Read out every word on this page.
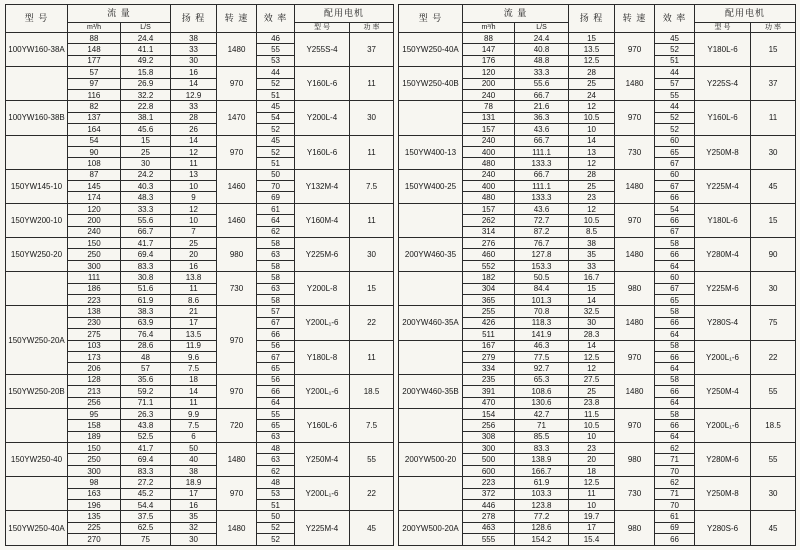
型 号	流 量		扬 程	转 速	效 率	配用电机	
	m³/h	L/S				型 号	功 率
100YW160-38A	88	24.4	38	1480	46	Y255S-4	37
	148	41.1	33		55		
	177	49.2	30		53		
	57	15.8	16	970	44	Y160L-6	11
	97	26.9	14		52		
	116	32.2	12.9		51		
100YW160-38B	82	22.8	33	1470	45	Y200L-4	30
	137	38.1	28		54		
	164	45.6	26		52		
	54	15	14	970	45	Y160L-6	11
	90	25	12		52		
	108	30	11		51		
150YW145-10	87	24.2	13	1460	50	Y132M-4	7.5
	145	40.3	10		70		
	174	48.3	9		69		
150YW200-10	120	33.3	12	1460	61	Y160M-4	11
	200	55.6	10		64		
	240	66.7	7		62		
150YW250-20	150	41.7	25	980	58	Y225M-6	30
	250	69.4	20		63		
	300	83.3	16		58		
	111	30.8	13.8	730	58	Y200L-8	15
	186	51.6	11		63		
	223	61.9	8.6		58		
150YW250-20A	138	38.3	21	970	57	Y200L₁-6	22
	230	63.9	17		67		
	275	76.4	13.5		66		
	103	28.6	11.9		56	Y180L-8	11
	173	48	9.6		67		
	206	57	7.5		65		
150YW250-20B	128	35.6	18	970	56	Y200L₁-6	18.5
	213	59.2	14		66		
	256	71.1	11		64		
	95	26.3	9.9	720	55	Y160L-6	7.5
	158	43.8	7.5		65		
	189	52.5	6		63		
150YW250-40	150	41.7	50	1480	48	Y250M-4	55
	250	69.4	40		63		
	300	83.3	38		62		
	98	27.2	18.9	970	48	Y200L₁-6	22
	163	45.2	17		53		
	196	54.4	16		51		
150YW250-40A	135	37.5	35	1480	50	Y225M-4	45
	225	62.5	32		52		
	270	75	30		52		
型 号	流 量		扬 程	转 速	效 率	配用电机	
	m³/h	L/S				型 号	功 率
150YW250-40A	88	24.4	15	970	45	Y180L-6	15
	147	40.8	13.5		52		
	176	48.8	12.5		51		
150YW250-40B	120	33.3	28	1480	44	Y225S-4	37
	200	55.6	25		57		
	240	66.7	24		55		
	78	21.6	12	970	44	Y160L-6	11
	131	36.3	10.5		52		
	157	43.6	10		52		
150YW400-13	240	66.7	14	730	60	Y250M-8	30
	400	111.1	13		65		
	480	133.3	12		67		
150YW400-25	240	66.7	28	1480	60	Y225M-4	45
	400	111.1	25		67		
	480	133.3	23		66		
	157	43.6	12	970	54	Y180L-6	15
	262	72.7	10.5		66		
	314	87.2	8.5		67		
200YW460-35	276	76.7	38	1480	58	Y280M-4	90
	460	127.8	35		66		
	552	153.3	33		64		
	182	50.5	16.7	980	60	Y225M-6	30
	304	84.4	15		67		
	365	101.3	14		65		
200YW460-35A	255	70.8	32.5	1480	58	Y280S-4	75
	426	118.3	30		66		
	511	141.9	28.3		64		
	167	46.3	14	970	58	Y200L₁-6	22
	279	77.5	12.5		66		
	334	92.7	12		64		
200YW460-35B	235	65.3	27.5	1480	58	Y250M-4	55
	391	108.6	25		66		
	470	130.6	23.8		64		
	154	42.7	11.5	970	58	Y200L₁-6	18.5
	256	71	10.5		66		
	308	85.5	10		64		
200YW500-20	300	83.3	23	980	62	Y280M-6	55
	500	138.9	20		71		
	600	166.7	18		70		
	223	61.9	12.5	730	62	Y250M-8	30
	372	103.3	11		71		
	446	123.8	10		70		
200YW500-20A	278	77.2	19.7	980	61	Y280S-6	45
	463	128.6	17		69		
	555	154.2	15.4		66		
